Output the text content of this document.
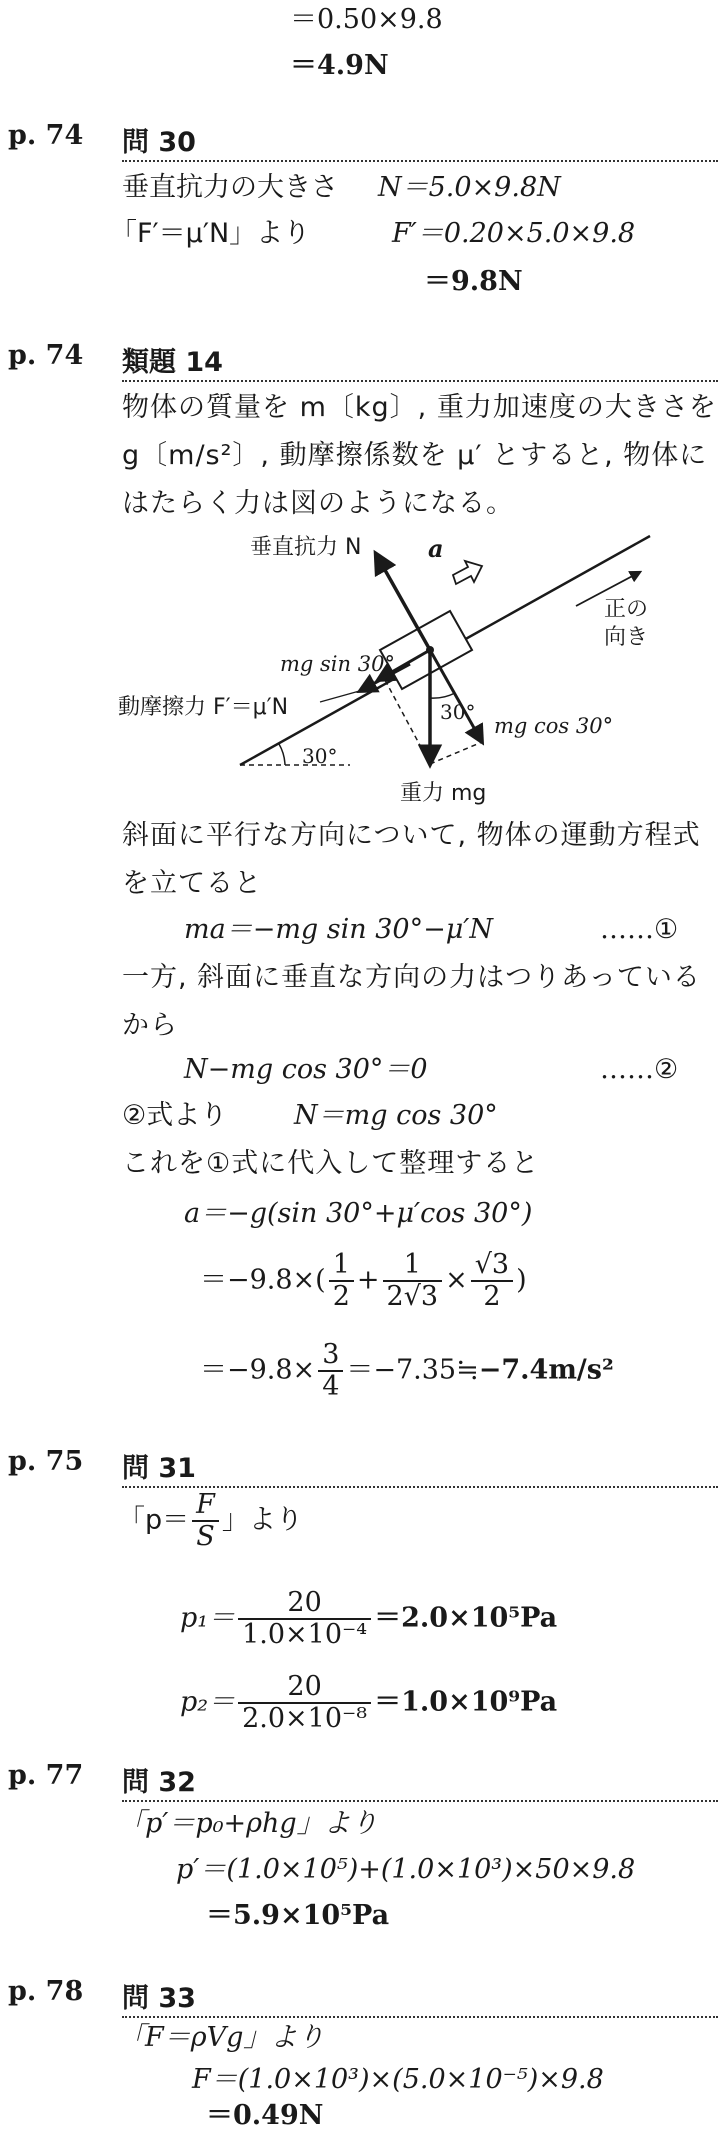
＝0.50×9.8
＝4.9N
p. 74 問 30
垂直抗力の大きさ N＝5.0×9.8N
「F′＝μ′N」より	F′＝0.20×5.0×9.8
＝9.8N
p. 74 類題 14
物体の質量を m〔kg〕, 重力加速度の大きさを g〔m/s²〕, 動摩擦係数を μ′ とすると, 物体にはたらく力は図のようになる。
垂直抗力 N	a
正の
向き
mg sin 30°
30°
動摩擦力 F′＝μ′N
mg cos 30°
30°
重力 mg
斜面に平行な方向について, 物体の運動方程式を立てると
ma＝−mg sin 30°−μ′N	……①
一方, 斜面に垂直な方向の力はつりあっているから
N−mg cos 30°＝0	……②
②式より N＝mg cos 30°
これを①式に代入して整理すると
a＝−g(sin 30°+μ′cos 30°)
$=-9.8\times( \frac{1}{2} + \frac{1}{2√3} \times \frac{√3}{2}$ )
$=-9.8\times \frac{3}{4}$ ＝−7.35≒−7.4m/s²
p. 75 問 31
「$p= \frac{F}{S}$ 」より
$p_1= \frac{20}{\text{1.0×10⁻⁴}} =2.0\times 10^5Pa$
$p_2= \frac{20}{\text{2.0×10⁻⁸}} =1.0\times 10^9Pa$
p. 77 問 32
「p′＝p₀+ρhg」より
p′＝(1.0×10⁵)+(1.0×10³)×50×9.8
＝5.9×10⁵Pa
p. 78 問 33
「F＝ρVg」より
F＝(1.0×10³)×(5.0×10⁻⁵)×9.8
＝0.49N
